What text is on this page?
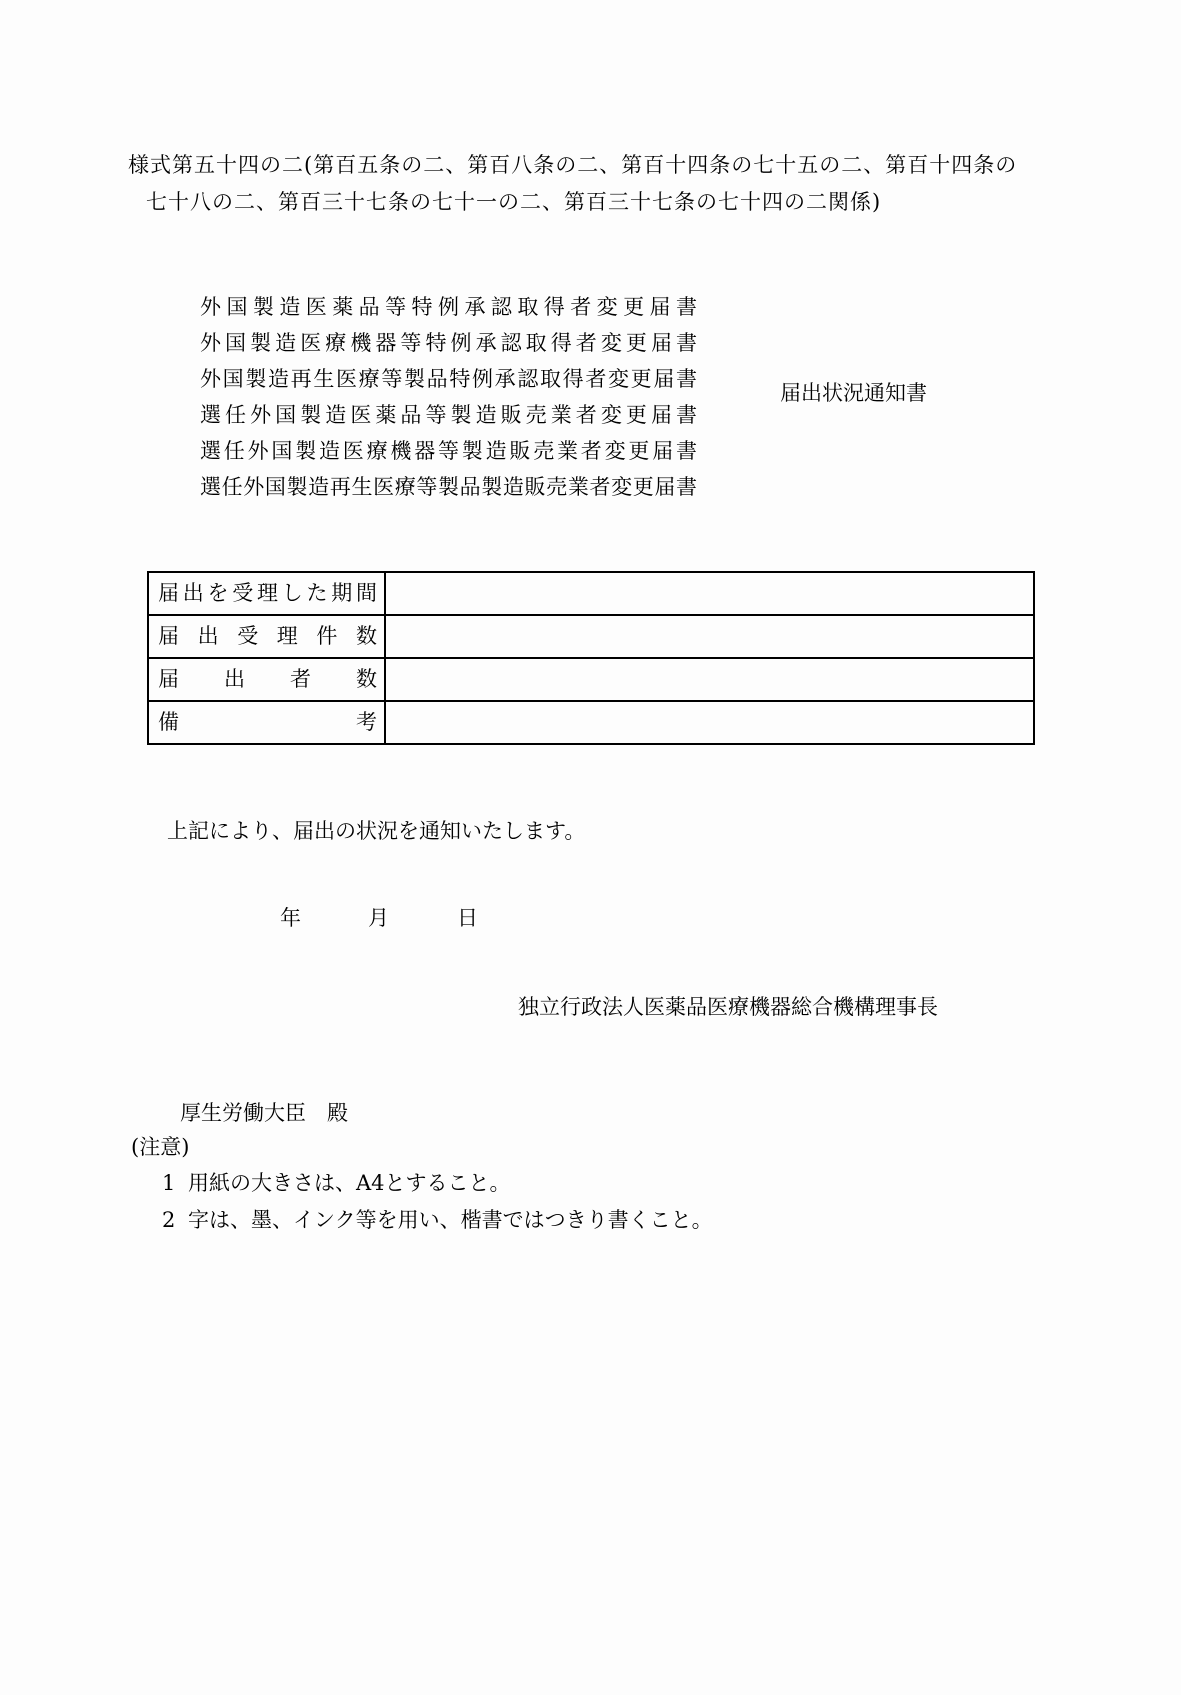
様式第五十四の二(第百五条の二、第百八条の二、第百十四条の七十五の二、第百十四条の
七十八の二、第百三十七条の七十一の二、第百三十七条の七十四の二関係)
外国製造医薬品等特例承認取得者変更届書
外国製造医療機器等特例承認取得者変更届書
外国製造再生医療等製品特例承認取得者変更届書
選任外国製造医薬品等製造販売業者変更届書
選任外国製造医療機器等製造販売業者変更届書
選任外国製造再生医療等製品製造販売業者変更届書
届出状況通知書
届出を受理した期間	

届出受理件数	

届出者数	

備考	

上記により、届出の状況を通知いたします。
年	月	日
独立行政法人医薬品医療機器総合機構理事長
厚生労働大臣　殿
(注意)
1 用紙の大きさは、A4とすること。
2 字は、墨、インク等を用い、楷書ではつきり書くこと。
